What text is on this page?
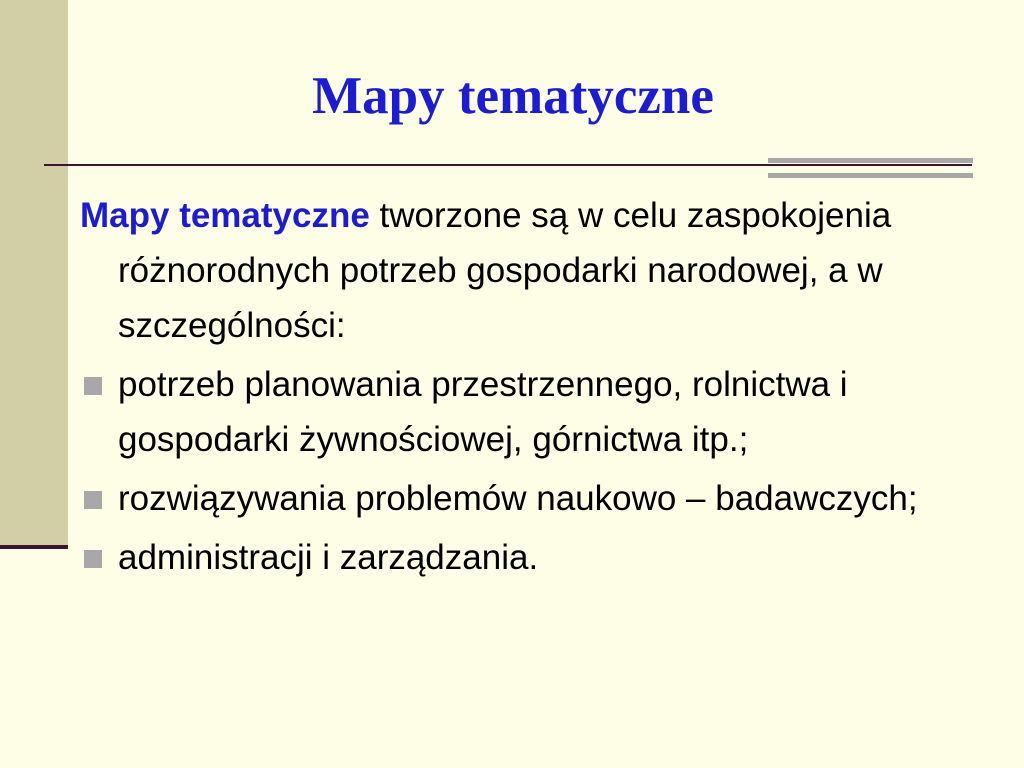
Mapy tematyczne

Mapy tematyczne tworzone są w celu zaspokojenia różnorodnych potrzeb gospodarki narodowej, a w szczególności:

potrzeb planowania przestrzennego, rolnictwa i gospodarki żywnościowej, górnictwa itp.;
rozwiązywania problemów naukowo – badawczych;
administracji i zarządzania.
